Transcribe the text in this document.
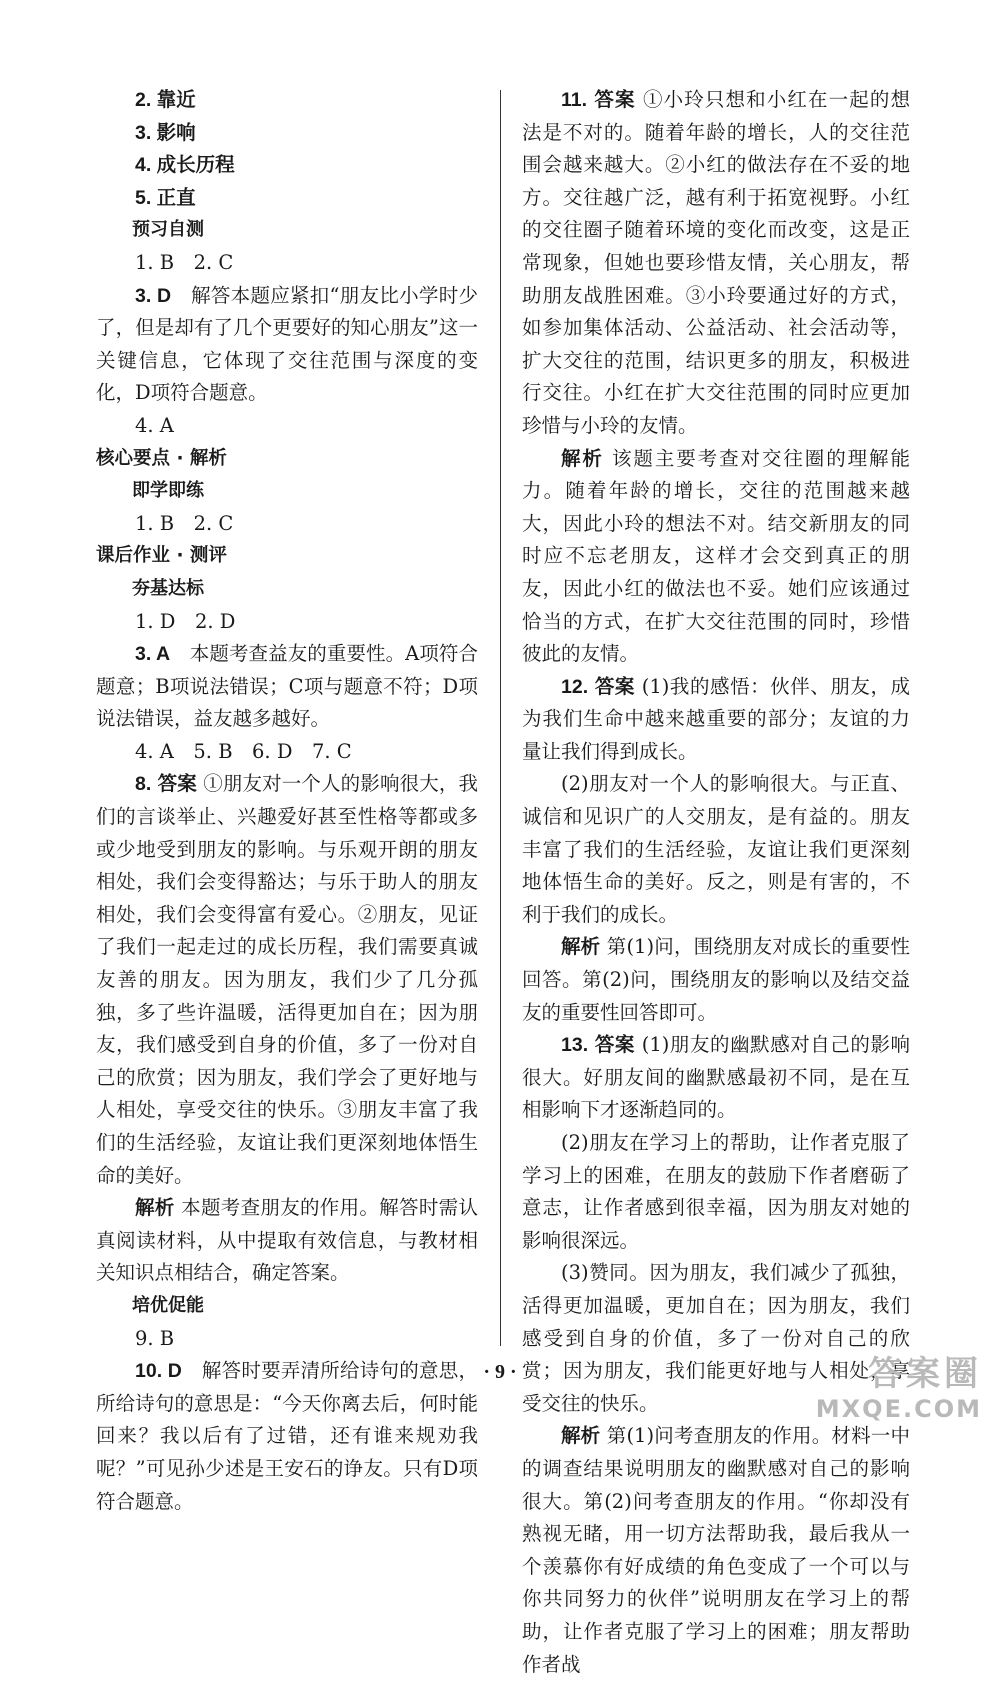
2. 靠近

3. 影响

4. 成长历程

5. 正直

预习自测

1. B　2. C

3. D　 解答本题应紧扣“朋友比小学时少了，但是却有了几个更要好的知心朋友”这一关键信息，它体现了交往范围与深度的变化，D项符合题意。

4. A

核心要点 · 解析

即学即练

1. B　2. C

课后作业 · 测评

夯基达标

1. D　2. D

3. A　 本题考查益友的重要性。A项符合题意；B项说法错误；C项与题意不符；D项说法错误，益友越多越好。

4. A　5. B　6. D　7. C

8. 答案 ①朋友对一个人的影响很大，我们的言谈举止、兴趣爱好甚至性格等都或多或少地受到朋友的影响。与乐观开朗的朋友相处，我们会变得豁达；与乐于助人的朋友相处，我们会变得富有爱心。②朋友，见证了我们一起走过的成长历程，我们需要真诚友善的朋友。因为朋友，我们少了几分孤独，多了些许温暖，活得更加自在；因为朋友，我们感受到自身的价值，多了一份对自己的欣赏；因为朋友，我们学会了更好地与人相处，享受交往的快乐。③朋友丰富了我们的生活经验，友谊让我们更深刻地体悟生命的美好。

解析 本题考查朋友的作用。解答时需认真阅读材料，从中提取有效信息，与教材相关知识点相结合，确定答案。

培优促能

9. B

10. D　 解答时要弄清所给诗句的意思，所给诗句的意思是：“今天你离去后，何时能回来？我以后有了过错，还有谁来规劝我呢？”可见孙少述是王安石的诤友。只有D项符合题意。

11. 答案 ①小玲只想和小红在一起的想法是不对的。随着年龄的增长，人的交往范围会越来越大。②小红的做法存在不妥的地方。交往越广泛，越有利于拓宽视野。小红的交往圈子随着环境的变化而改变，这是正常现象，但她也要珍惜友情，关心朋友，帮助朋友战胜困难。③小玲要通过好的方式，如参加集体活动、公益活动、社会活动等，扩大交往的范围，结识更多的朋友，积极进行交往。小红在扩大交往范围的同时应更加珍惜与小玲的友情。

解析 该题主要考查对交往圈的理解能力。随着年龄的增长，交往的范围越来越大，因此小玲的想法不对。结交新朋友的同时应不忘老朋友，这样才会交到真正的朋友，因此小红的做法也不妥。她们应该通过恰当的方式，在扩大交往范围的同时，珍惜彼此的友情。

12. 答案 (1)我的感悟：伙伴、朋友，成为我们生命中越来越重要的部分；友谊的力量让我们得到成长。

(2)朋友对一个人的影响很大。与正直、诚信和见识广的人交朋友，是有益的。朋友丰富了我们的生活经验，友谊让我们更深刻地体悟生命的美好。反之，则是有害的，不利于我们的成长。

解析 第(1)问，围绕朋友对成长的重要性回答。第(2)问，围绕朋友的影响以及结交益友的重要性回答即可。

13. 答案 (1)朋友的幽默感对自己的影响很大。好朋友间的幽默感最初不同，是在互相影响下才逐渐趋同的。

(2)朋友在学习上的帮助，让作者克服了学习上的困难，在朋友的鼓励下作者磨砺了意志，让作者感到很幸福，因为朋友对她的影响很深远。

(3)赞同。因为朋友，我们减少了孤独，活得更加温暖，更加自在；因为朋友，我们感受到自身的价值，多了一份对自己的欣赏；因为朋友，我们能更好地与人相处，享受交往的快乐。

解析 第(1)问考查朋友的作用。材料一中的调查结果说明朋友的幽默感对自己的影响很大。第(2)问考查朋友的作用。“你却没有熟视无睹，用一切方法帮助我，最后我从一个羡慕你有好成绩的角色变成了一个可以与你共同努力的伙伴”说明朋友在学习上的帮助，让作者克服了学习上的困难；朋友帮助作者战

· 9 ·	答案圈
MXQE.COM
